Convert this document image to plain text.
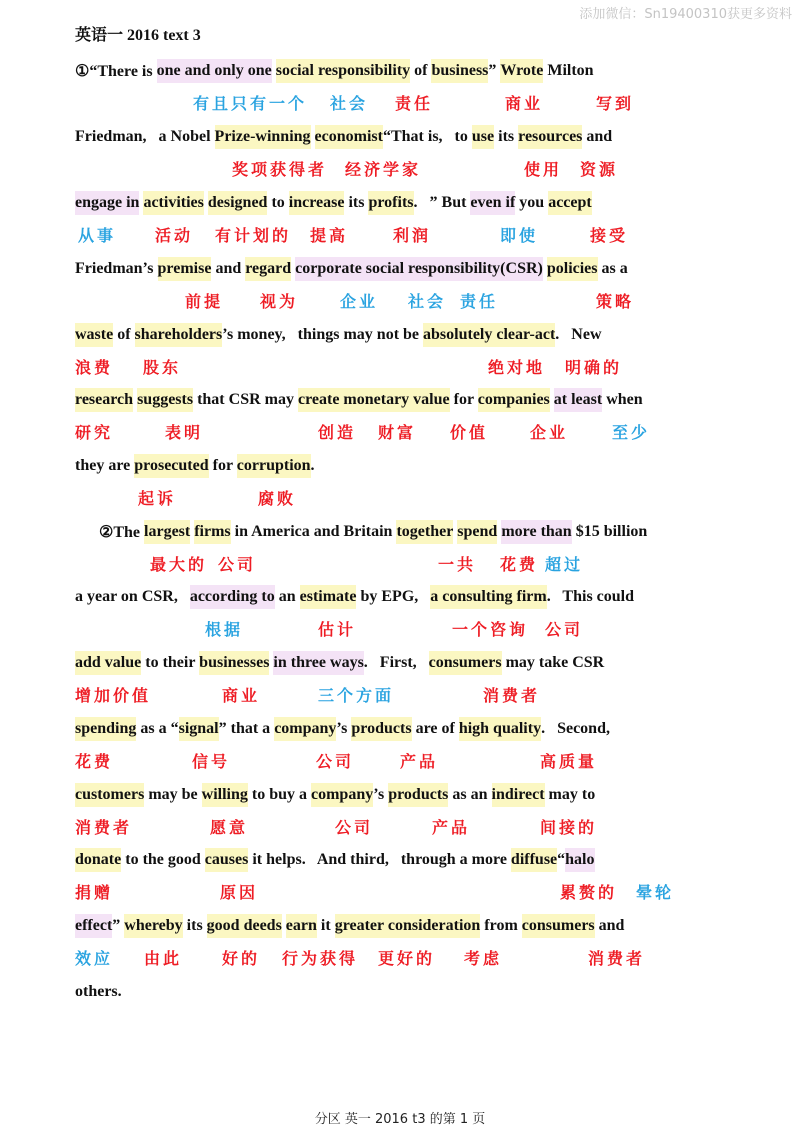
添加微信：Sn19400310获更多资料
英语一 2016 text 3
①“There is one and only one
social responsibility of business ” Wrote Milton
有且只有一个 社会 责任	商业	写到
Friedman,   a Nobel Prize-winning
economist “That is,   to use its resources and
奖项获得者 经济学家	使用 资源
engage in
activities
designed to increase its profits .   ” But even if you accept
从事 活动 有计划的 提高	利润	即使	接受
Friedman’s premise and regard
corporate social responsibility(CSR)
policies as a
前提 视为	企业 社会 责任	策略
waste of shareholders ’s money,   things may not be absolutely clear-act .   New
浪费 股东	绝对地 明确的
research
suggests that CSR may create monetary value for companies
at least when
研究	表明	创造 财富 价值	企业	至少
they are prosecuted for corruption .
起诉	腐败
②The largest
firms in America and Britain together
spend
more than $15 billion
最大的 公司	一共 花费 超过
a year on CSR, according to an estimate by EPG, a consulting firm .   This could
根据	估计	一个咨询 公司
add value to their businesses
in three ways .   First, consumers may take CSR
增加价值	商业	三个方面	消费者
spending as a “ signal ” that a company ’s products are of high quality .   Second,
花费	信号	公司	产品	高质量
customers may be willing to buy a company ’s products as an indirect may to
消费者	愿意	公司	产品	间接的
donate to the good causes it helps.   And third,   through a more diffuse “ halo
捐赠	原因	累赘的 晕轮
effect ” whereby its good deeds
earn it greater consideration from consumers and
效应 由此 好的 行为获得 更好的 考虑	消费者
others.
分区 英一 2016 t3 的第 1 页
